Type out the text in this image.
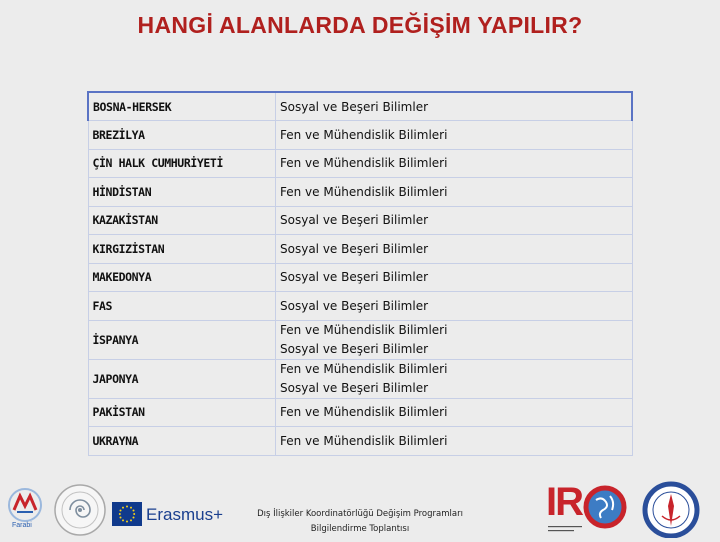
HANGİ ALANLARDA DEĞİŞİM YAPILIR?
BOSNA-HERSEK	Sosyal ve Beşeri Bilimler
BREZİLYA	Fen ve Mühendislik Bilimleri
ÇİN HALK CUMHURİYETİ	Fen ve Mühendislik Bilimleri
HİNDİSTAN	Fen ve Mühendislik Bilimleri
KAZAKİSTAN	Sosyal ve Beşeri Bilimler
KIRGIZİSTAN	Sosyal ve Beşeri Bilimler
MAKEDONYA	Sosyal ve Beşeri Bilimler
FAS	Sosyal ve Beşeri Bilimler
İSPANYA	Fen ve Mühendislik Bilimleri
Sosyal ve Beşeri Bilimler

JAPONYA	Fen ve Mühendislik Bilimleri
Sosyal ve Beşeri Bilimler

PAKİSTAN	Fen ve Mühendislik Bilimleri
UKRAYNA	Fen ve Mühendislik Bilimleri
Farabi
Erasmus+	Dış İlişkiler Koordinatörlüğü Değişim Programları
Bilgilendirme Toplantısı
IR
